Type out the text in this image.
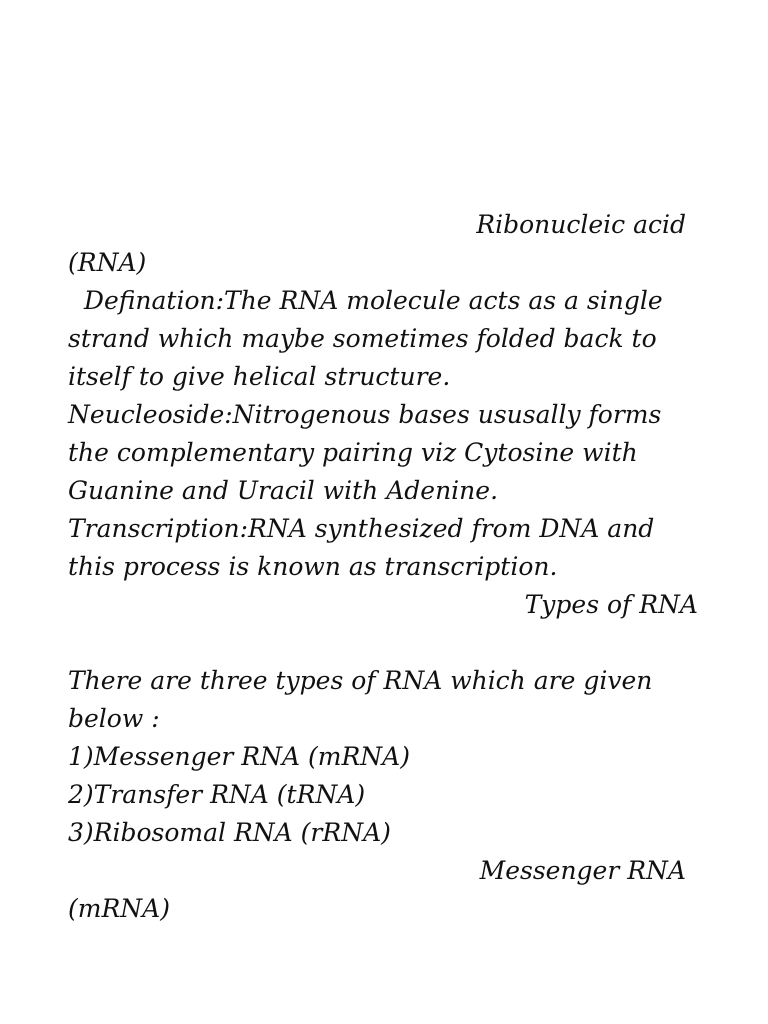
Ribonucleic acid
(RNA)
Defination:The RNA molecule acts as a single
strand which maybe sometimes folded back to
itself to give helical structure.
Neucleoside:Nitrogenous bases ususally forms
the complementary pairing viz Cytosine with
Guanine and Uracil with Adenine.
Transcription:RNA synthesized from DNA and
this process is known as transcription.
Types of RNA
There are three types of RNA which are given
below :
1)Messenger RNA (mRNA)
2)Transfer RNA (tRNA)
3)Ribosomal RNA (rRNA)
Messenger RNA
(mRNA)
